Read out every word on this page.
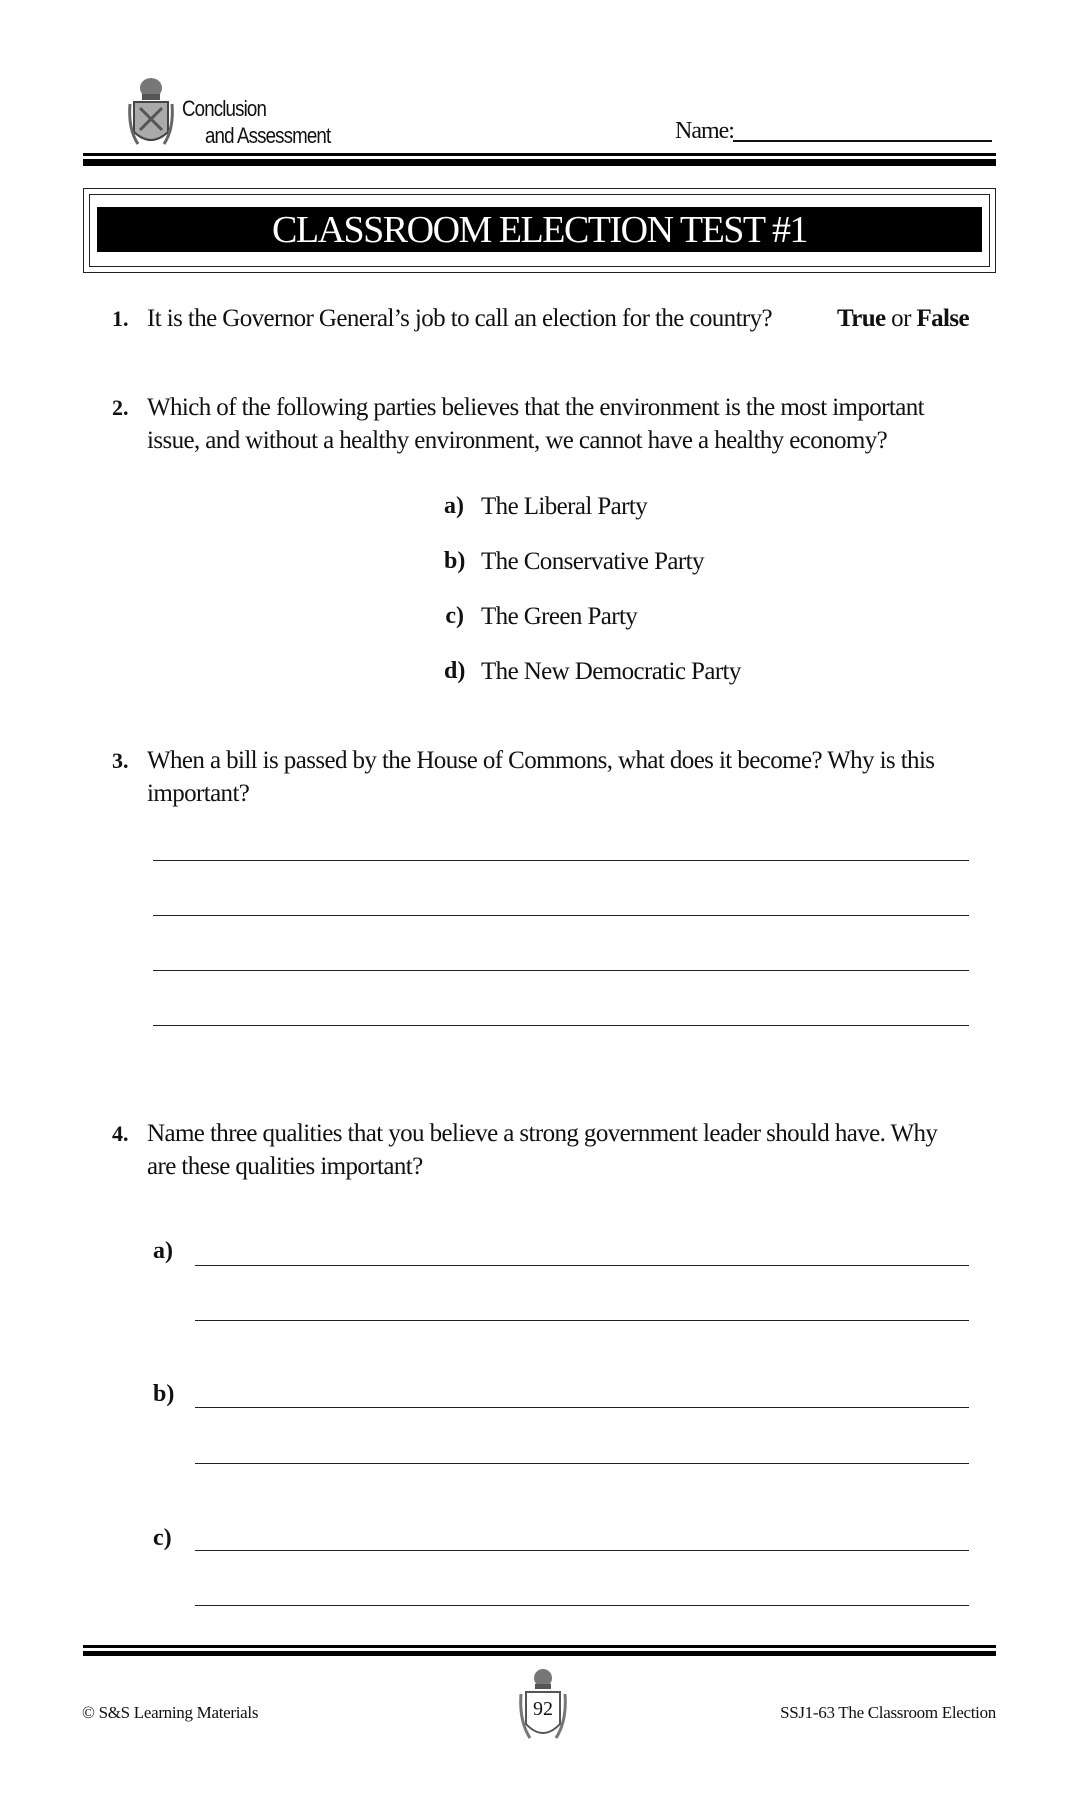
Conclusion
and Assessment	Name:
CLASSROOM ELECTION TEST #1
1. It is the Governor General’s job to call an election for the country?	True or False
2. Which of the following parties believes that the environment is the most important
issue, and without a healthy environment, we cannot have a healthy economy?
a) The Liberal Party
b) The Conservative Party
c) The Green Party
d) The New Democratic Party
3. When a bill is passed by the House of Commons, what does it become? Why is this
important?
4. Name three qualities that you believe a strong government leader should have. Why
are these qualities important?
a)
b)
c)
© S&S Learning Materials	92	SSJ1-63 The Classroom Election
